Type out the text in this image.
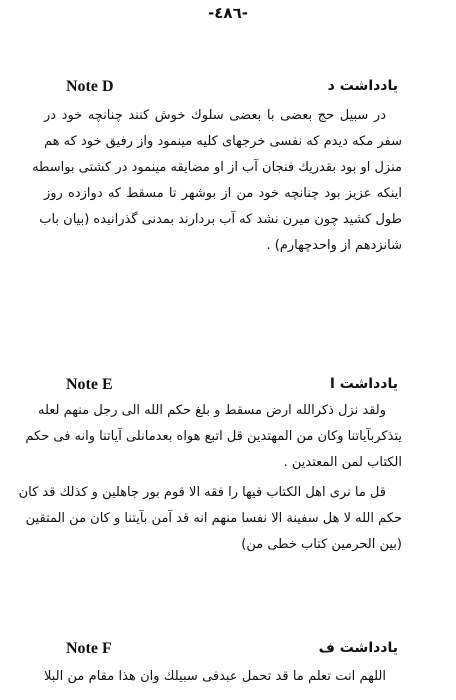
-٤٨٦-
Note D	يادداشت د
در سبيل حج بعضى با بعضى سلوك خوش كنند چنانچه خود در
سفر مكه ديدم كه نفسى خرجهاى كليه مينمود واز رفيق خود كه هم
منزل او بود بقدريك فنجان آب از او مضايقه مينمود در كشتى بواسطه
اينكه عزيز بود چنانچه خود من از بوشهر تا مسقط كه دوازده روز
طول كشيد چون ميرن نشد كه آب بردارند بمدنى گذرانيده (بيان باب
شانزدهم از واحدچهارم) .
Note E	يادداشت ا
ولقد نزل ذكرالله ارض مسقط و بلغ حكم الله الى رجل منهم لعله
يتذكربآياتنا وكان من المهتدين قل اتبع هواه بعدمانلى آياتنا وانه فى حكم
الكتاب لمن المعتدين .
قل ما نرى اهل الكتاب فيها را فقه الا قوم بور جاهلين و كذلك قد كان
حكم الله لا هل سفينة الا نفسا منهم انه قد آمن بآيتنا و كان من المتقين
(بين الحرمين كتاب خطى من)
Note F	يادداشت ف
اللهم انت تعلم ما قد تحمل عبدفى سبيلك وان هذا مقام من البلا
